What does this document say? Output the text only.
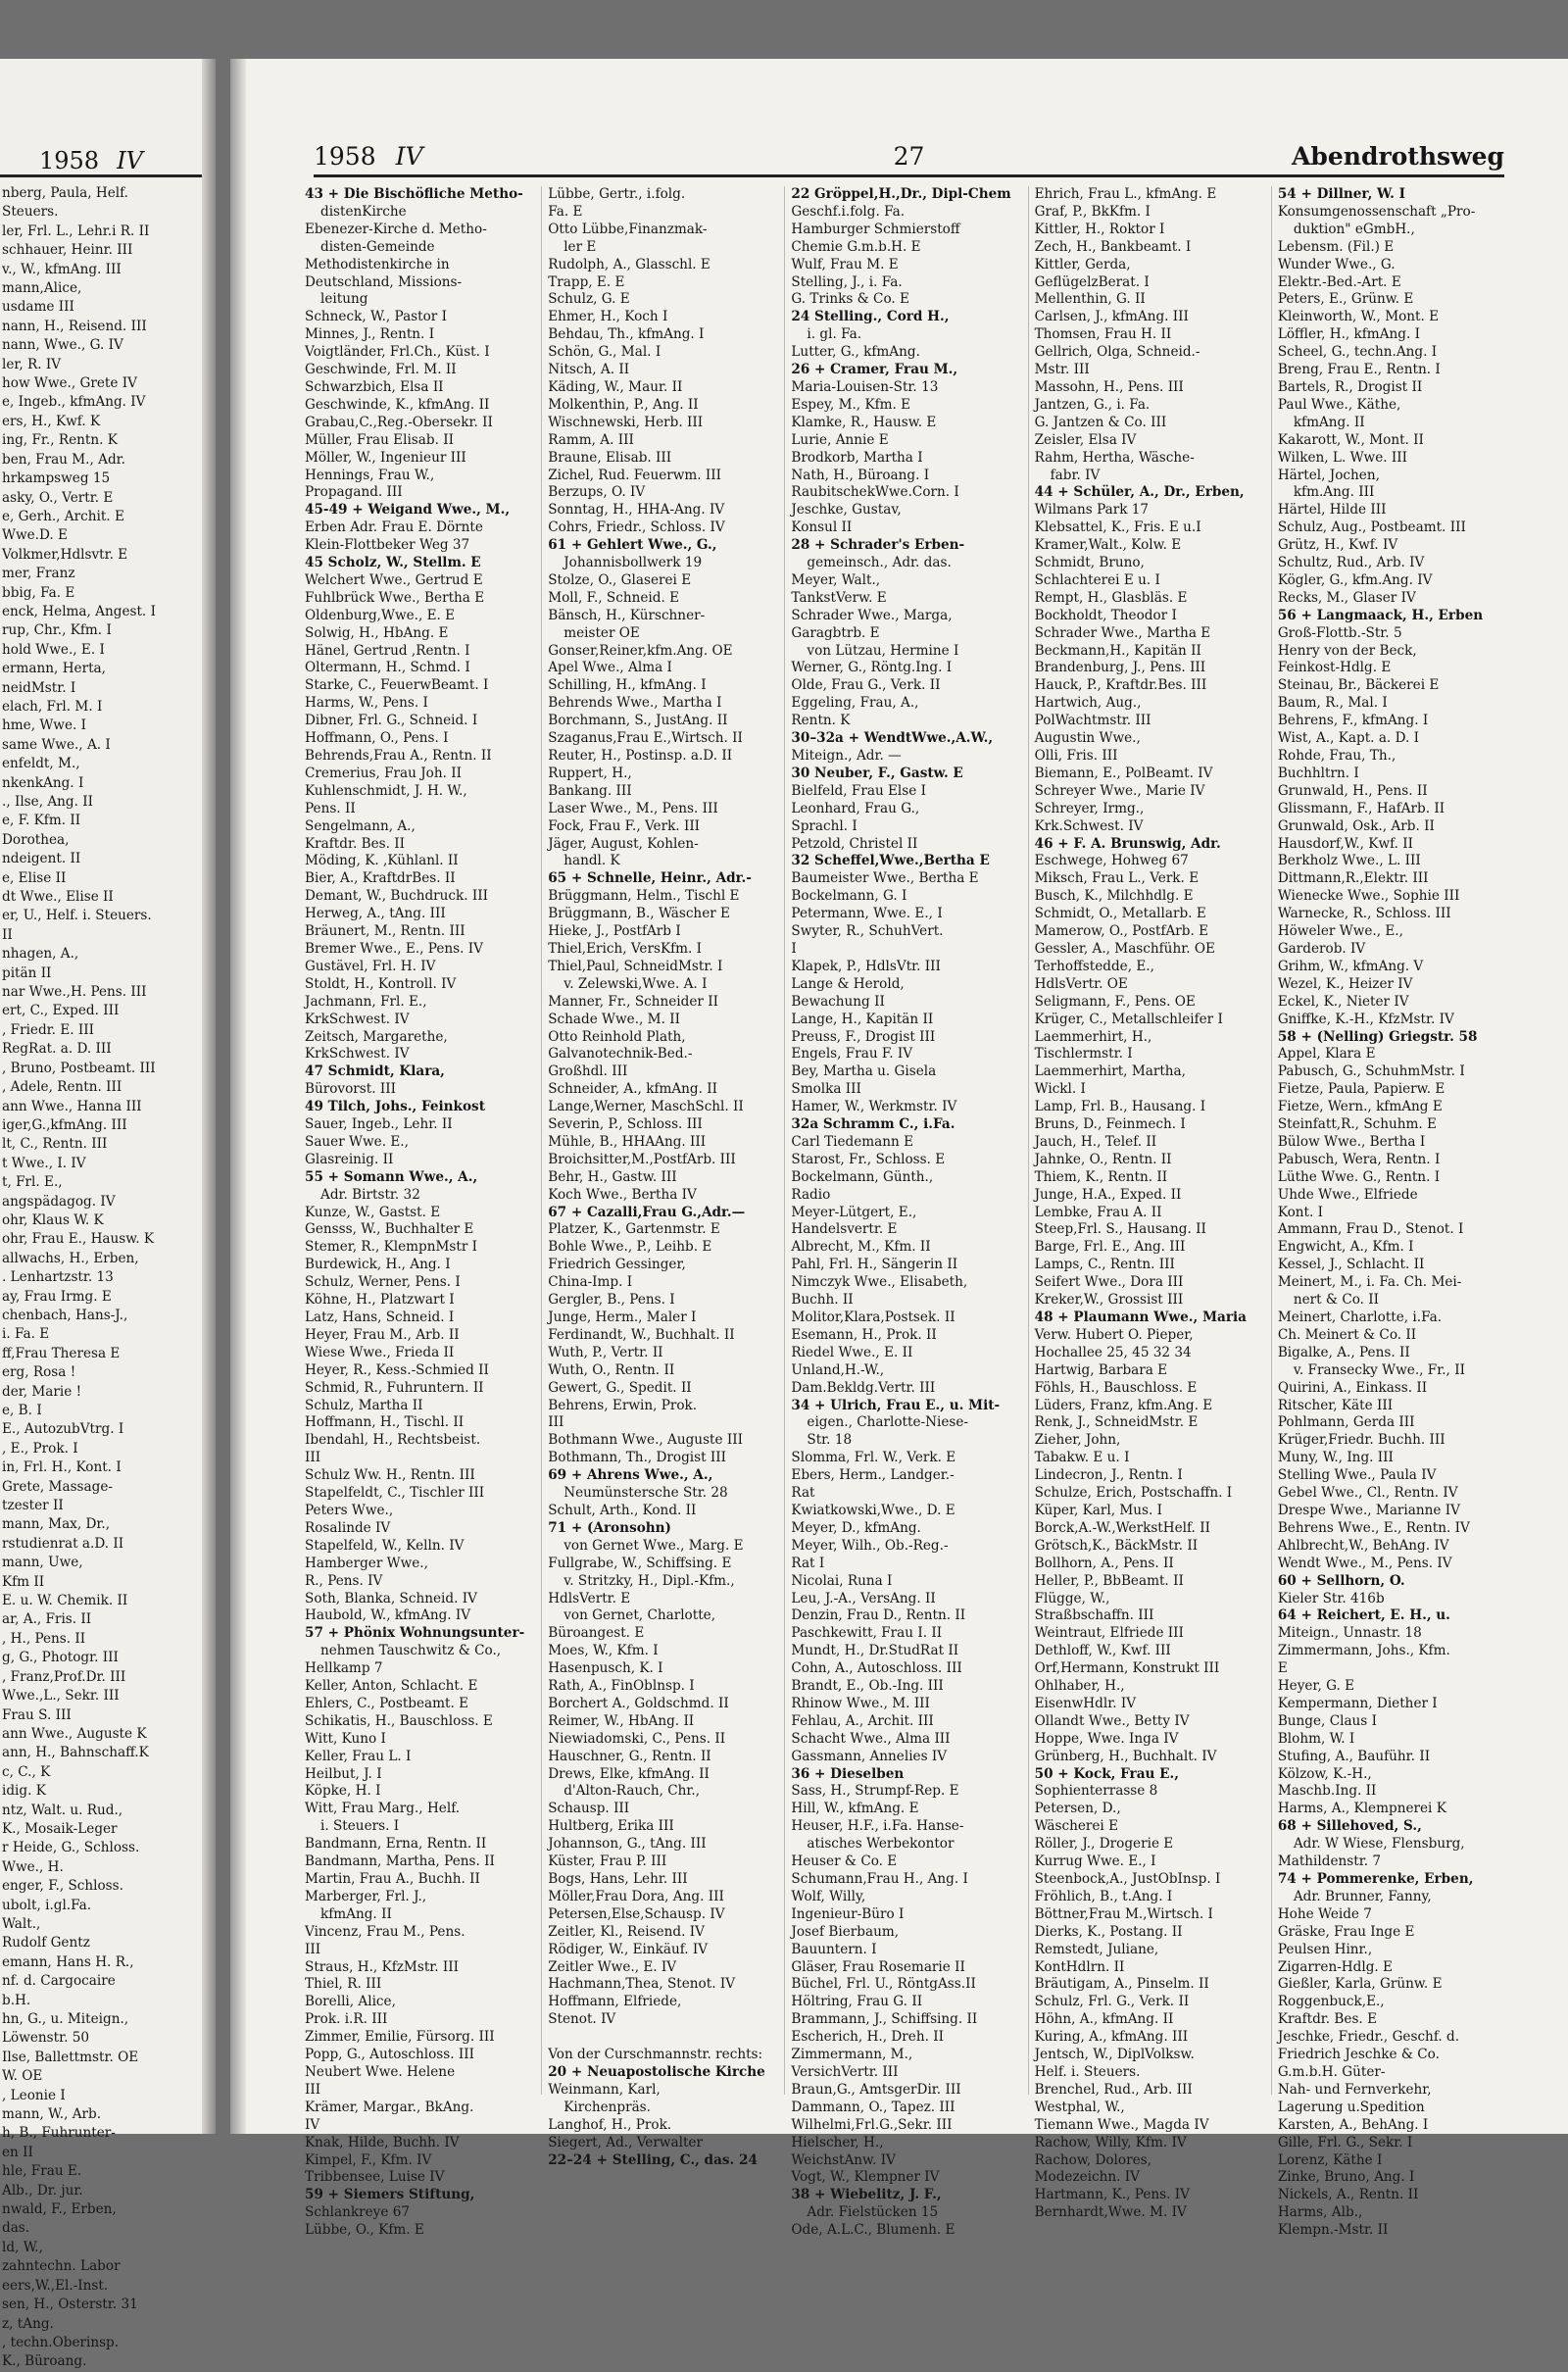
1958 IV
nberg, Paula, Helf.
Steuers.
ler, Frl. L., Lehr.i R. II
schhauer, Heinr. III
v., W., kfmAng. III
mann,Alice,
usdame III
nann, H., Reisend. III
nann, Wwe., G. IV
ler, R. IV
how Wwe., Grete IV
e, Ingeb., kfmAng. IV
ers, H., Kwf. K
ing, Fr., Rentn. K
ben, Frau M., Adr.
hrkampsweg 15
asky, O., Vertr. E
e, Gerh., Archit. E
Wwe.D. E
Volkmer,Hdlsvtr. E
mer, Franz
bbig, Fa. E
enck, Helma, Angest. I
rup, Chr., Kfm. I
hold Wwe., E. I
ermann, Herta,
neidMstr. I
elach, Frl. M. I
hme, Wwe. I
same Wwe., A. I
enfeldt, M.,
nkenkAng. I
., Ilse, Ang. II
e, F. Kfm. II
Dorothea,
ndeigent. II
e, Elise II
dt Wwe., Elise II
er, U., Helf. i. Steuers.
II
nhagen, A.,
pitän II
nar Wwe.,H. Pens. III
ert, C., Exped. III
, Friedr. E. III
RegRat. a. D. III
, Bruno, Postbeamt. III
, Adele, Rentn. III
ann Wwe., Hanna III
iger,G.,kfmAng. III
lt, C., Rentn. III
t Wwe., I. IV
t, Frl. E.,
angspädagog. IV
ohr, Klaus W. K
ohr, Frau E., Hausw. K
allwachs, H., Erben,
. Lenhartzstr. 13
ay, Frau Irmg. E
chenbach, Hans-J.,
i. Fa. E
ff,Frau Theresa E
erg, Rosa !
der, Marie !
e, B. I
E., AutozubVtrg. I
, E., Prok. I
in, Frl. H., Kont. I
Grete, Massage-
tzester II
mann, Max, Dr.,
rstudienrat a.D. II
mann, Uwe,
Kfm II
E. u. W. Chemik. II
ar, A., Fris. II
, H., Pens. II
g, G., Photogr. III
, Franz,Prof.Dr. III
Wwe.,L., Sekr. III
Frau S. III
ann Wwe., Auguste K
ann, H., Bahnschaff.K
c, C., K
idig. K
ntz, Walt. u. Rud.,
K., Mosaik-Leger
r Heide, G., Schloss.
Wwe., H.
enger, F., Schloss.
ubolt, i.gl.Fa.
Walt.,
Rudolf Gentz
emann, Hans H. R.,
nf. d. Cargocaire
b.H.
hn, G., u. Miteign.,
Löwenstr. 50
Ilse, Ballettmstr. OE
W. OE
, Leonie I
mann, W., Arb.
h, B., Fuhrunter-
en II
hle, Frau E.
Alb., Dr. jur.
nwald, F., Erben,
das.
ld, W.,
zahntechn. Labor
eers,W.,El.-Inst.
sen, H., Osterstr. 31
z, tAng.
, techn.Oberinsp.
K., Büroang.
1958 IV	27	Abendrothsweg
43 + Die Bischöfliche Metho-
distenKirche
Ebenezer-Kirche d. Metho-
disten-Gemeinde
Methodistenkirche in
Deutschland, Missions-
leitung
Schneck, W., Pastor I
Minnes, J., Rentn. I
Voigtländer, Frl.Ch., Küst. I
Geschwinde, Frl. M. II
Schwarzbich, Elsa II
Geschwinde, K., kfmAng. II
Grabau,C.,Reg.-Obersekr. II
Müller, Frau Elisab. II
Möller, W., Ingenieur III
Hennings, Frau W.,
Propagand. III
45-49 + Weigand Wwe., M.,
Erben Adr. Frau E. Dörnte
Klein-Flottbeker Weg 37
45 Scholz, W., Stellm. E
Welchert Wwe., Gertrud E
Fuhlbrück Wwe., Bertha E
Oldenburg,Wwe., E. E
Solwig, H., HbAng. E
Hänel, Gertrud ,Rentn. I
Oltermann, H., Schmd. I
Starke, C., FeuerwBeamt. I
Harms, W., Pens. I
Dibner, Frl. G., Schneid. I
Hoffmann, O., Pens. I
Behrends,Frau A., Rentn. II
Cremerius, Frau Joh. II
Kuhlenschmidt, J. H. W.,
Pens. II
Sengelmann, A.,
Kraftdr. Bes. II
Möding, K. ,Kühlanl. II
Bier, A., KraftdrBes. II
Demant, W., Buchdruck. III
Herweg, A., tAng. III
Bräunert, M., Rentn. III
Bremer Wwe., E., Pens. IV
Gustävel, Frl. H. IV
Stoldt, H., Kontroll. IV
Jachmann, Frl. E.,
KrkSchwest. IV
Zeitsch, Margarethe,
KrkSchwest. IV
47 Schmidt, Klara,
Bürovorst. III
49 Tilch, Johs., Feinkost
Sauer, Ingeb., Lehr. II
Sauer Wwe. E.,
Glasreinig. II
55 + Somann Wwe., A.,
Adr. Birtstr. 32
Kunze, W., Gastst. E
Gensss, W., Buchhalter E
Stemer, R., KlempnMstr I
Burdewick, H., Ang. I
Schulz, Werner, Pens. I
Köhne, H., Platzwart I
Latz, Hans, Schneid. I
Heyer, Frau M., Arb. II
Wiese Wwe., Frieda II
Heyer, R., Kess.-Schmied II
Schmid, R., Fuhruntern. II
Schulz, Martha II
Hoffmann, H., Tischl. II
Ibendahl, H., Rechtsbeist.
III
Schulz Ww. H., Rentn. III
Stapelfeldt, C., Tischler III
Peters Wwe.,
Rosalinde IV
Stapelfeld, W., Kelln. IV
Hamberger Wwe.,
R., Pens. IV
Soth, Blanka, Schneid. IV
Haubold, W., kfmAng. IV
57 + Phönix Wohnungsunter-
nehmen Tauschwitz & Co.,
Hellkamp 7
Keller, Anton, Schlacht. E
Ehlers, C., Postbeamt. E
Schikatis, H., Bauschloss. E
Witt, Kuno I
Keller, Frau L. I
Heilbut, J. I
Köpke, H. I
Witt, Frau Marg., Helf.
i. Steuers. I
Bandmann, Erna, Rentn. II
Bandmann, Martha, Pens. II
Martin, Frau A., Buchh. II
Marberger, Frl. J.,
kfmAng. II
Vincenz, Frau M., Pens.
III
Straus, H., KfzMstr. III
Thiel, R. III
Borelli, Alice,
Prok. i.R. III
Zimmer, Emilie, Fürsorg. III
Popp, G., Autoschloss. III
Neubert Wwe. Helene
III
Krämer, Margar., BkAng.
IV
Knak, Hilde, Buchh. IV
Kimpel, F., Kfm. IV
Tribbensee, Luise IV
59 + Siemers Stiftung,
Schlankreye 67
Lübbe, O., Kfm. E
Lübbe, Gertr., i.folg.
Fa. E
Otto Lübbe,Finanzmak-
ler E
Rudolph, A., Glasschl. E
Trapp, E. E
Schulz, G. E
Ehmer, H., Koch I
Behdau, Th., kfmAng. I
Schön, G., Mal. I
Nitsch, A. II
Käding, W., Maur. II
Molkenthin, P., Ang. II
Wischnewski, Herb. III
Ramm, A. III
Braune, Elisab. III
Zichel, Rud. Feuerwm. III
Berzups, O. IV
Sonntag, H., HHA-Ang. IV
Cohrs, Friedr., Schloss. IV
61 + Gehlert Wwe., G.,
Johannisbollwerk 19
Stolze, O., Glaserei E
Moll, F., Schneid. E
Bänsch, H., Kürschner-
meister OE
Gonser,Reiner,kfm.Ang. OE
Apel Wwe., Alma I
Schilling, H., kfmAng. I
Behrends Wwe., Martha I
Borchmann, S., JustAng. II
Szaganus,Frau E.,Wirtsch. II
Reuter, H., Postinsp. a.D. II
Ruppert, H.,
Bankang. III
Laser Wwe., M., Pens. III
Fock, Frau F., Verk. III
Jäger, August, Kohlen-
handl. K
65 + Schnelle, Heinr., Adr.-
Brüggmann, Helm., Tischl E
Brüggmann, B., Wäscher E
Hieke, J., PostfArb I
Thiel,Erich, VersKfm. I
Thiel,Paul, SchneidMstr. I
v. Zelewski,Wwe. A. I
Manner, Fr., Schneider II
Schade Wwe., M. II
Otto Reinhold Plath,
Galvanotechnik-Bed.-
Großhdl. III
Schneider, A., kfmAng. II
Lange,Werner, MaschSchl. II
Severin, P., Schloss. III
Mühle, B., HHAAng. III
Broichsitter,M.,PostfArb. III
Behr, H., Gastw. III
Koch Wwe., Bertha IV
67 + Cazalli,Frau G.,Adr.—
Platzer, K., Gartenmstr. E
Bohle Wwe., P., Leihb. E
Friedrich Gessinger,
China-Imp. I
Gergler, B., Pens. I
Junge, Herm., Maler I
Ferdinandt, W., Buchhalt. II
Wuth, P., Vertr. II
Wuth, O., Rentn. II
Gewert, G., Spedit. II
Behrens, Erwin, Prok.
III
Bothmann Wwe., Auguste III
Bothmann, Th., Drogist III
69 + Ahrens Wwe., A.,
Neumünstersche Str. 28
Schult, Arth., Kond. II
71 + (Aronsohn)
von Gernet Wwe., Marg. E
Fullgrabe, W., Schiffsing. E
v. Stritzky, H., Dipl.-Kfm.,
HdlsVertr. E
von Gernet, Charlotte,
Büroangest. E
Moes, W., Kfm. I
Hasenpusch, K. I
Rath, A., FinOblnsp. I
Borchert A., Goldschmd. II
Reimer, W., HbAng. II
Niewiadomski, C., Pens. II
Hauschner, G., Rentn. II
Drews, Elke, kfmAng. II
d'Alton-Rauch, Chr.,
Schausp. III
Hultberg, Erika III
Johannson, G., tAng. III
Küster, Frau P. III
Bogs, Hans, Lehr. III
Möller,Frau Dora, Ang. III
Petersen,Else,Schausp. IV
Zeitler, Kl., Reisend. IV
Rödiger, W., Einkäuf. IV
Zeitler Wwe., E. IV
Hachmann,Thea, Stenot. IV
Hoffmann, Elfriede,
Stenot. IV

Von der Curschmannstr. rechts:
20 + Neuapostolische Kirche
Weinmann, Karl,
Kirchenpräs.
Langhof, H., Prok.
Siegert, Ad., Verwalter
22–24 + Stelling, C., das. 24
22 Gröppel,H.,Dr., Dipl-Chem
Geschf.i.folg. Fa.
Hamburger Schmierstoff
Chemie G.m.b.H. E
Wulf, Frau M. E
Stelling, J., i. Fa.
G. Trinks & Co. E
24 Stelling., Cord H.,
i. gl. Fa.
Lutter, G., kfmAng.
26 + Cramer, Frau M.,
Maria-Louisen-Str. 13
Espey, M., Kfm. E
Klamke, R., Hausw. E
Lurie, Annie E
Brodkorb, Martha I
Nath, H., Büroang. I
RaubitschekWwe.Corn. I
Jeschke, Gustav,
Konsul II
28 + Schrader's Erben-
gemeinsch., Adr. das.
Meyer, Walt.,
TankstVerw. E
Schrader Wwe., Marga,
Garagbtrb. E
von Lützau, Hermine I
Werner, G., Röntg.Ing. I
Olde, Frau G., Verk. II
Eggeling, Frau, A.,
Rentn. K
30–32a + WendtWwe.,A.W.,
Miteign., Adr. —
30 Neuber, F., Gastw. E
Bielfeld, Frau Else I
Leonhard, Frau G.,
Sprachl. I
Petzold, Christel II
32 Scheffel,Wwe.,Bertha E
Baumeister Wwe., Bertha E
Bockelmann, G. I
Petermann, Wwe. E., I
Swyter, R., SchuhVert.
I
Klapek, P., HdlsVtr. III
Lange & Herold,
Bewachung II
Lange, H., Kapitän II
Preuss, F., Drogist III
Engels, Frau F. IV
Bey, Martha u. Gisela
Smolka III
Hamer, W., Werkmstr. IV
32a Schramm C., i.Fa.
Carl Tiedemann E
Starost, Fr., Schloss. E
Bockelmann, Günth.,
Radio
Meyer-Lütgert, E.,
Handelsvertr. E
Albrecht, M., Kfm. II
Pahl, Frl. H., Sängerin II
Nimczyk Wwe., Elisabeth,
Buchh. II
Molitor,Klara,Postsek. II
Esemann, H., Prok. II
Riedel Wwe., E. II
Unland,H.-W.,
Dam.Bekldg.Vertr. III
34 + Ulrich, Frau E., u. Mit-
eigen., Charlotte-Niese-
Str. 18
Slomma, Frl. W., Verk. E
Ebers, Herm., Landger.-
Rat
Kwiatkowski,Wwe., D. E
Meyer, D., kfmAng.
Meyer, Wilh., Ob.-Reg.-
Rat I
Nicolai, Runa I
Leu, J.-A., VersAng. II
Denzin, Frau D., Rentn. II
Paschkewitt, Frau I. II
Mundt, H., Dr.StudRat II
Cohn, A., Autoschloss. III
Brandt, E., Ob.-Ing. III
Rhinow Wwe., M. III
Fehlau, A., Archit. III
Schacht Wwe., Alma III
Gassmann, Annelies IV
36 + Dieselben
Sass, H., Strumpf-Rep. E
Hill, W., kfmAng. E
Heuser, H.F., i.Fa. Hanse-
atisches Werbekontor
Heuser & Co. E
Schumann,Frau H., Ang. I
Wolf, Willy,
Ingenieur-Büro I
Josef Bierbaum,
Bauuntern. I
Gläser, Frau Rosemarie II
Büchel, Frl. U., RöntgAss.II
Höltring, Frau G. II
Brammann, J., Schiffsing. II
Escherich, H., Dreh. II
Zimmermann, M.,
VersichVertr. III
Braun,G., AmtsgerDir. III
Dammann, O., Tapez. III
Wilhelmi,Frl.G.,Sekr. III
Hielscher, H.,
WeichstAnw. IV
Vogt, W., Klempner IV
38 + Wiebelitz, J. F.,
Adr. Fielstücken 15
Ode, A.L.C., Blumenh. E
Ehrich, Frau L., kfmAng. E
Graf, P., BkKfm. I
Kittler, H., Roktor I
Zech, H., Bankbeamt. I
Kittler, Gerda,
GeflügelzBerat. I
Mellenthin, G. II
Carlsen, J., kfmAng. III
Thomsen, Frau H. II
Gellrich, Olga, Schneid.-
Mstr. III
Massohn, H., Pens. III
Jantzen, G., i. Fa.
G. Jantzen & Co. III
Zeisler, Elsa IV
Rahm, Hertha, Wäsche-
fabr. IV
44 + Schüler, A., Dr., Erben,
Wilmans Park 17
Klebsattel, K., Fris. E u.I
Kramer,Walt., Kolw. E
Schmidt, Bruno,
Schlachterei E u. I
Rempt, H., Glasbläs. E
Bockholdt, Theodor I
Schrader Wwe., Martha E
Beckmann,H., Kapitän II
Brandenburg, J., Pens. III
Hauck, P., Kraftdr.Bes. III
Hartwich, Aug.,
PolWachtmstr. III
Augustin Wwe.,
Olli, Fris. III
Biemann, E., PolBeamt. IV
Schreyer Wwe., Marie IV
Schreyer, Irmg.,
Krk.Schwest. IV
46 + F. A. Brunswig, Adr.
Eschwege, Hohweg 67
Miksch, Frau L., Verk. E
Busch, K., Milchhdlg. E
Schmidt, O., Metallarb. E
Mamerow, O., PostfArb. E
Gessler, A., Maschführ. OE
Terhoffstedde, E.,
HdlsVertr. OE
Seligmann, F., Pens. OE
Krüger, C., Metallschleifer I
Laemmerhirt, H.,
Tischlermstr. I
Laemmerhirt, Martha,
Wickl. I
Lamp, Frl. B., Hausang. I
Bruns, D., Feinmech. I
Jauch, H., Telef. II
Jahnke, O., Rentn. II
Thiem, K., Rentn. II
Junge, H.A., Exped. II
Lembke, Frau A. II
Steep,Frl. S., Hausang. II
Barge, Frl. E., Ang. III
Lamps, C., Rentn. III
Seifert Wwe., Dora III
Kreker,W., Grossist III
48 + Plaumann Wwe., Maria
Verw. Hubert O. Pieper,
Hochallee 25, 45 32 34
Hartwig, Barbara E
Föhls, H., Bauschloss. E
Lüders, Franz, kfm.Ang. E
Renk, J., SchneidMstr. E
Zieher, John,
Tabakw. E u. I
Lindecron, J., Rentn. I
Schulze, Erich, Postschaffn. I
Küper, Karl, Mus. I
Borck,A.-W.,WerkstHelf. II
Grötsch,K., BäckMstr. II
Bollhorn, A., Pens. II
Heller, P., BbBeamt. II
Flügge, W.,
Straßbschaffn. III
Weintraut, Elfriede III
Dethloff, W., Kwf. III
Orf,Hermann, Konstrukt III
Ohlhaber, H.,
EisenwHdlr. IV
Ollandt Wwe., Betty IV
Hoppe, Wwe. Inga IV
Grünberg, H., Buchhalt. IV
50 + Kock, Frau E.,
Sophienterrasse 8
Petersen, D.,
Wäscherei E
Röller, J., Drogerie E
Kurrug Wwe. E., I
Steenbock,A., JustObInsp. I
Fröhlich, B., t.Ang. I
Böttner,Frau M.,Wirtsch. I
Dierks, K., Postang. II
Remstedt, Juliane,
KontHdlrn. II
Bräutigam, A., Pinselm. II
Schulz, Frl. G., Verk. II
Höhn, A., kfmAng. II
Kuring, A., kfmAng. III
Jentsch, W., DiplVolksw.
Helf. i. Steuers.
Brenchel, Rud., Arb. III
Westphal, W.,
Tiemann Wwe., Magda IV
Rachow, Willy, Kfm. IV
Rachow, Dolores,
Modezeichn. IV
Hartmann, K., Pens. IV
Bernhardt,Wwe. M. IV
54 + Dillner, W. I
Konsumgenossenschaft „Pro-
duktion" eGmbH.,
Lebensm. (Fil.) E
Wunder Wwe., G.
Elektr.-Bed.-Art. E
Peters, E., Grünw. E
Kleinworth, W., Mont. E
Löffler, H., kfmAng. I
Scheel, G., techn.Ang. I
Breng, Frau E., Rentn. I
Bartels, R., Drogist II
Paul Wwe., Käthe,
kfmAng. II
Kakarott, W., Mont. II
Wilken, L. Wwe. III
Härtel, Jochen,
kfm.Ang. III
Härtel, Hilde III
Schulz, Aug., Postbeamt. III
Grütz, H., Kwf. IV
Schultz, Rud., Arb. IV
Kögler, G., kfm.Ang. IV
Recks, M., Glaser IV
56 + Langmaack, H., Erben
Groß-Flottb.-Str. 5
Henry von der Beck,
Feinkost-Hdlg. E
Steinau, Br., Bäckerei E
Baum, R., Mal. I
Behrens, F., kfmAng. I
Wist, A., Kapt. a. D. I
Rohde, Frau, Th.,
Buchhltrn. I
Grunwald, H., Pens. II
Glissmann, F., HafArb. II
Grunwald, Osk., Arb. II
Hausdorf,W., Kwf. II
Berkholz Wwe., L. III
Dittmann,R.,Elektr. III
Wienecke Wwe., Sophie III
Warnecke, R., Schloss. III
Höweler Wwe., E.,
Garderob. IV
Grihm, W., kfmAng. V
Wezel, K., Heizer IV
Eckel, K., Nieter IV
Gniffke, K.-H., KfzMstr. IV
58 + (Nelling) Griegstr. 58
Appel, Klara E
Pabusch, G., SchuhmMstr. I
Fietze, Paula, Papierw. E
Fietze, Wern., kfmAng E
Steinfatt,R., Schuhm. E
Bülow Wwe., Bertha I
Pabusch, Wera, Rentn. I
Lüthe Wwe. G., Rentn. I
Uhde Wwe., Elfriede
Kont. I
Ammann, Frau D., Stenot. I
Engwicht, A., Kfm. I
Kessel, J., Schlacht. II
Meinert, M., i. Fa. Ch. Mei-
nert & Co. II
Meinert, Charlotte, i.Fa.
Ch. Meinert & Co. II
Bigalke, A., Pens. II
v. Fransecky Wwe., Fr., II
Quirini, A., Einkass. II
Ritscher, Käte III
Pohlmann, Gerda III
Krüger,Friedr. Buchh. III
Muny, W., Ing. III
Stelling Wwe., Paula IV
Gebel Wwe., Cl., Rentn. IV
Drespe Wwe., Marianne IV
Behrens Wwe., E., Rentn. IV
Ahlbrecht,W., BehAng. IV
Wendt Wwe., M., Pens. IV
60 + Sellhorn, O.
Kieler Str. 416b
64 + Reichert, E. H., u.
Miteign., Unnastr. 18
Zimmermann, Johs., Kfm.
E
Heyer, G. E
Kempermann, Diether I
Bunge, Claus I
Blohm, W. I
Stufing, A., Bauführ. II
Kölzow, K.-H.,
Maschb.Ing. II
Harms, A., Klempnerei K
68 + Sillehoved, S.,
Adr. W Wiese, Flensburg,
Mathildenstr. 7
74 + Pommerenke, Erben,
Adr. Brunner, Fanny,
Hohe Weide 7
Gräske, Frau Inge E
Peulsen Hinr.,
Zigarren-Hdlg. E
Gießler, Karla, Grünw. E
Roggenbuck,E.,
Kraftdr. Bes. E
Jeschke, Friedr., Geschf. d.
Friedrich Jeschke & Co.
G.m.b.H. Güter-
Nah- und Fernverkehr,
Lagerung u.Spedition
Karsten, A., BehAng. I
Gille, Frl. G., Sekr. I
Lorenz, Käthe I
Zinke, Bruno, Ang. I
Nickels, A., Rentn. II
Harms, Alb.,
Klempn.-Mstr. II
